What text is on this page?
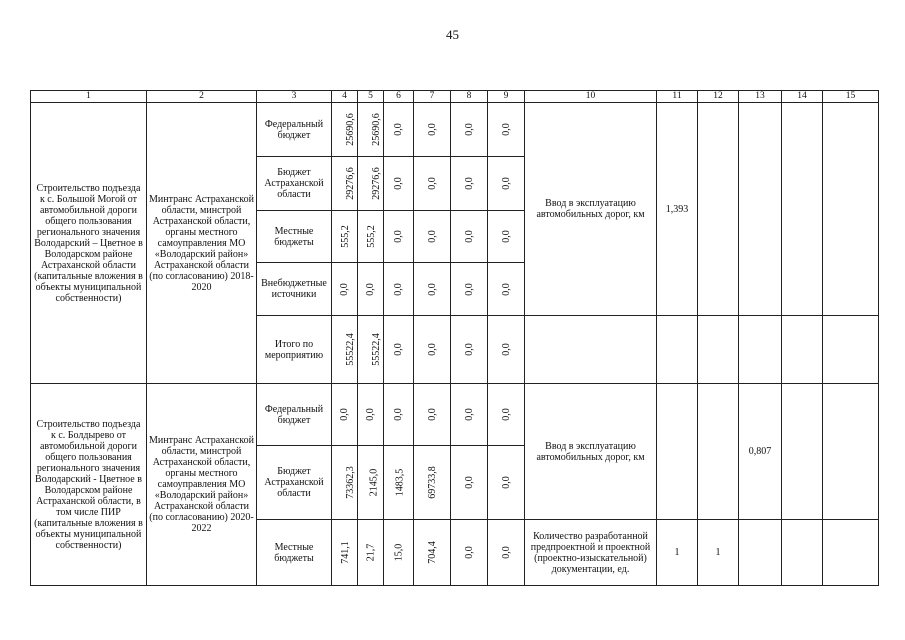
45
1	2	3	4	5	6	7	8	9	10	11	12	13	14	15
Строительство подъезда к с. Большой Могой от автомобильной дороги общего пользования регионального значения Володарский – Цветное в Володарском районе Астраханской области (капитальные вложения в объекты муниципальной собственности)	Минтранс Астраханской области, минстрой Астраханской области, органы местного самоуправления МО «Володарский район» Астраханской области (по согласованию) 2018-2020	Федеральный бюджет	25690,6	25690,6	0,0	0,0	0,0	0,0	Ввод в эксплуатацию автомобильных дорог, км	1,393				
		Бюджет Астраханской области	29276,6	29276,6	0,0	0,0	0,0	0,0						
		Местные бюджеты	555,2	555,2	0,0	0,0	0,0	0,0						
		Внебюджетные источники	0,0	0,0	0,0	0,0	0,0	0,0						
		Итого по мероприятию	55522,4	55522,4	0,0	0,0	0,0	0,0						
Строительство подъезда к с. Болдырево от автомобильной дороги общего пользования регионального значения Володарский - Цветное в Володарском районе Астраханской области, в том числе ПИР (капитальные вложения в объекты муниципальной собственности)	Минтранс Астраханской области, минстрой Астраханской области, органы местного самоуправления МО «Володарский район» Астраханской области (по согласованию) 2020-2022	Федеральный бюджет	0,0	0,0	0,0	0,0	0,0	0,0	Ввод в эксплуатацию автомобильных дорог, км			0,807		
		Бюджет Астраханской области	73362,3	2145,0	1483,5	69733,8	0,0	0,0						
		Местные бюджеты	741,1	21,7	15,0	704,4	0,0	0,0	Количество разработанной предпроектной и проектной (проектно-изыскательной) документации, ед.	1	1			
